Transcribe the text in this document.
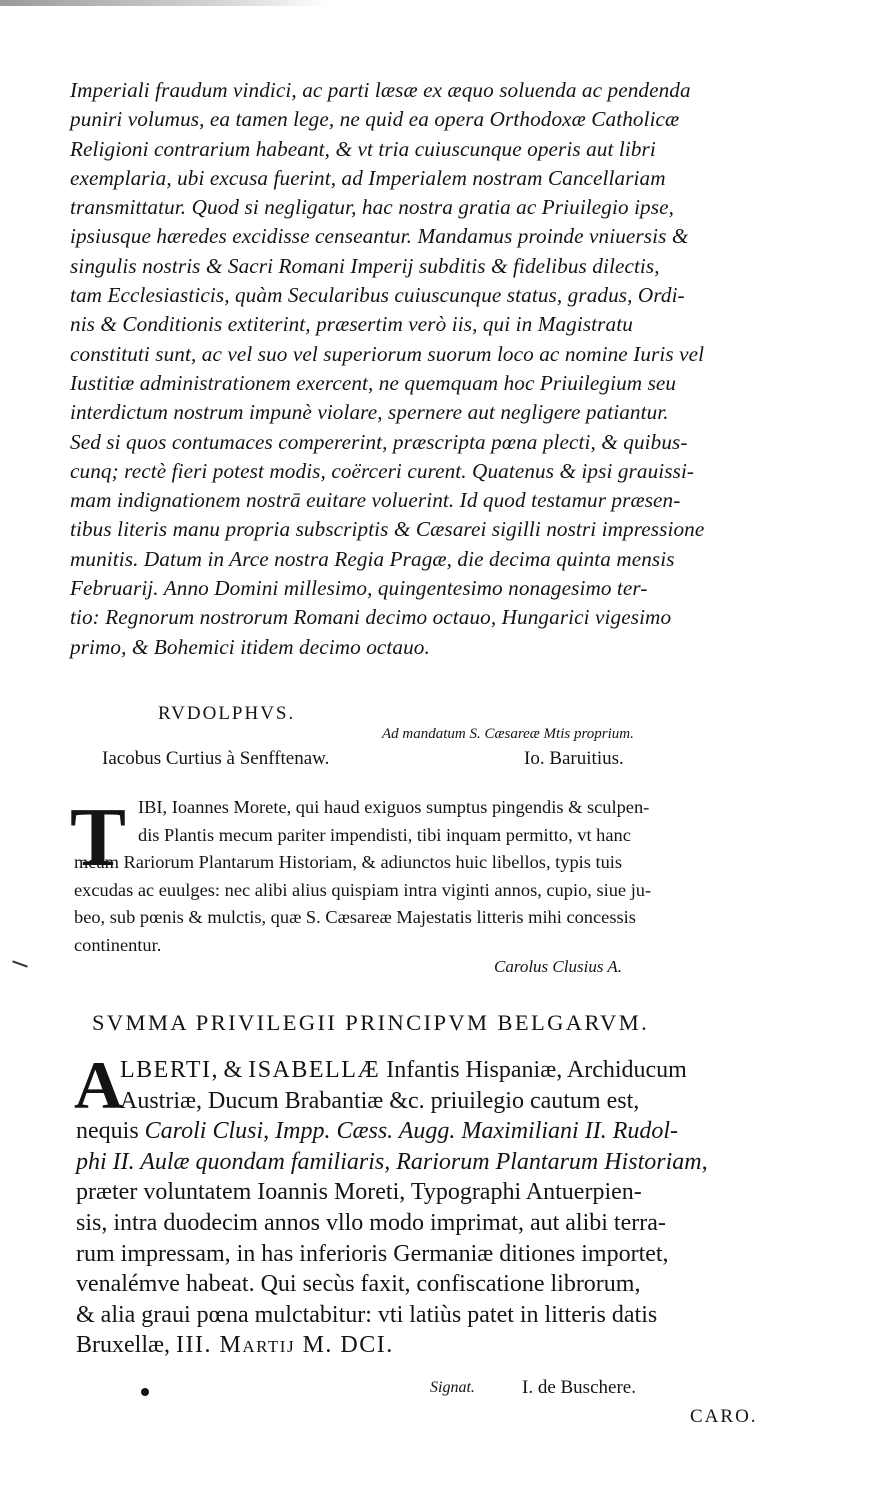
Imperiali fraudum vindici, ac parti læsæ ex æquo soluenda ac pendenda
puniri volumus, ea tamen lege, ne quid ea opera Orthodoxæ Catholicæ
Religioni contrarium habeant, & vt tria cuiuscunque operis aut libri
exemplaria, ubi excusa fuerint, ad Imperialem nostram Cancellariam
transmittatur. Quod si negligatur, hac nostra gratia ac Priuilegio ipse,
ipsiusque hæredes excidisse censeantur. Mandamus proinde vniuersis &
singulis nostris & Sacri Romani Imperij subditis & fidelibus dilectis,
tam Ecclesiasticis, quàm Secularibus cuiuscunque status, gradus, Ordi-
nis & Conditionis extiterint, præsertim verò iis, qui in Magistratu
constituti sunt, ac vel suo vel superiorum suorum loco ac nomine Iuris vel
Iustitiæ administrationem exercent, ne quemquam hoc Priuilegium seu
interdictum nostrum impunè violare, spernere aut negligere patiantur.
Sed si quos contumaces compererint, præscripta pœna plecti, & quibus-
cunq; rectè fieri potest modis, coërceri curent. Quatenus & ipsi grauissi-
mam indignationem nostrā euitare voluerint. Id quod testamur præsen-
tibus literis manu propria subscriptis & Cæsarei sigilli nostri impressione
munitis. Datum in Arce nostra Regia Pragæ, die decima quinta mensis
Februarij. Anno Domini millesimo, quingentesimo nonagesimo ter-
tio: Regnorum nostrorum Romani decimo octauo, Hungarici vigesimo
primo, & Bohemici itidem decimo octauo.
RVDOLPHVS.
Ad mandatum S. Cæsareæ Mtis proprium.
Iacobus Curtius à Senfftenaw.	Io. Baruitius.
T IBI, Ioannes Morete, qui haud exiguos sumptus pingendis & sculpen-
dis Plantis mecum pariter impendisti, tibi inquam permitto, vt hanc
meam Rariorum Plantarum Historiam, & adiunctos huic libellos, typis tuis
excudas ac euulges: nec alibi alius quispiam intra viginti annos, cupio, siue ju-
beo, sub pœnis & mulctis, quæ S. Cæsareæ Majestatis litteris mihi concessis
continentur.
Carolus Clusius A.
SVMMA PRIVILEGII PRINCIPVM BELGARVM.
A
LBERTI, & ISABELLÆ Infantis Hispaniæ, Archiducum
Austriæ, Ducum Brabantiæ &c. priuilegio cautum est,
nequis Caroli Clusi, Impp. Cæss. Augg. Maximiliani II. Rudol-
phi II. Aulæ quondam familiaris, Rariorum Plantarum Historiam,
præter voluntatem Ioannis Moreti, Typographi Antuerpien-
sis, intra duodecim annos vllo modo imprimat, aut alibi terra-
rum impressam, in has inferioris Germaniæ ditiones importet,
venalémve habeat. Qui secùs faxit, confiscatione librorum,
& alia graui pœna mulctabitur: vti latiùs patet in litteris datis
Bruxellæ, III. Martij M. DCI.
Signat. I. de Buschere.
CARO.
